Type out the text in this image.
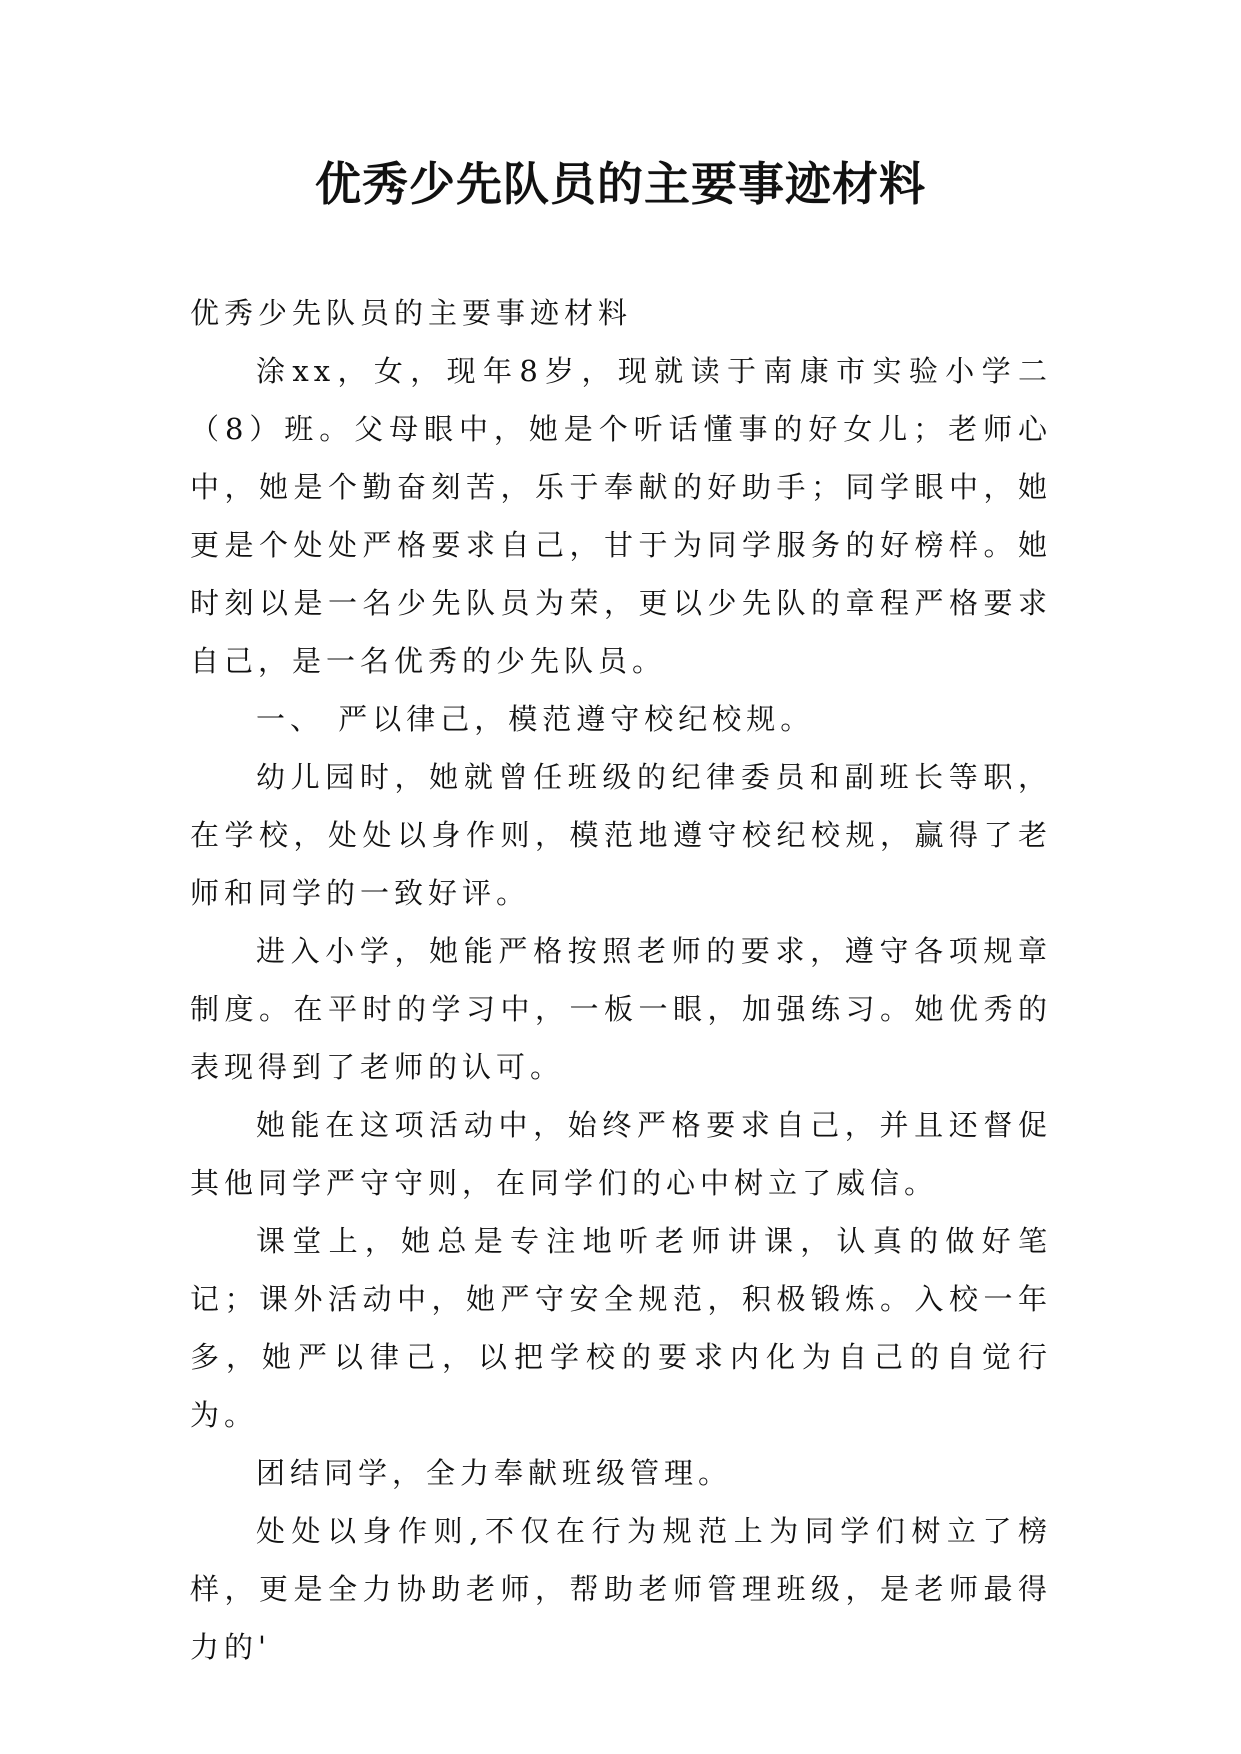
优秀少先队员的主要事迹材料

优秀少先队员的主要事迹材料

涂xx，女，现年8岁，现就读于南康市实验小学二（8）班。父母眼中，她是个听话懂事的好女儿；老师心中，她是个勤奋刻苦，乐于奉献的好助手；同学眼中，她更是个处处严格要求自己，甘于为同学服务的好榜样。她时刻以是一名少先队员为荣，更以少先队的章程严格要求自己，是一名优秀的少先队员。

一、 严以律己，模范遵守校纪校规。

幼儿园时，她就曾任班级的纪律委员和副班长等职，在学校，处处以身作则，模范地遵守校纪校规，赢得了老师和同学的一致好评。

进入小学，她能严格按照老师的要求，遵守各项规章制度。在平时的学习中，一板一眼，加强练习。她优秀的表现得到了老师的认可。

她能在这项活动中，始终严格要求自己，并且还督促其他同学严守守则，在同学们的心中树立了威信。

课堂上，她总是专注地听老师讲课，认真的做好笔记；课外活动中，她严守安全规范，积极锻炼。入校一年多，她严以律己，以把学校的要求内化为自己的自觉行为。

团结同学，全力奉献班级管理。

处处以身作则,不仅在行为规范上为同学们树立了榜样，更是全力协助老师，帮助老师管理班级，是老师最得力的'
